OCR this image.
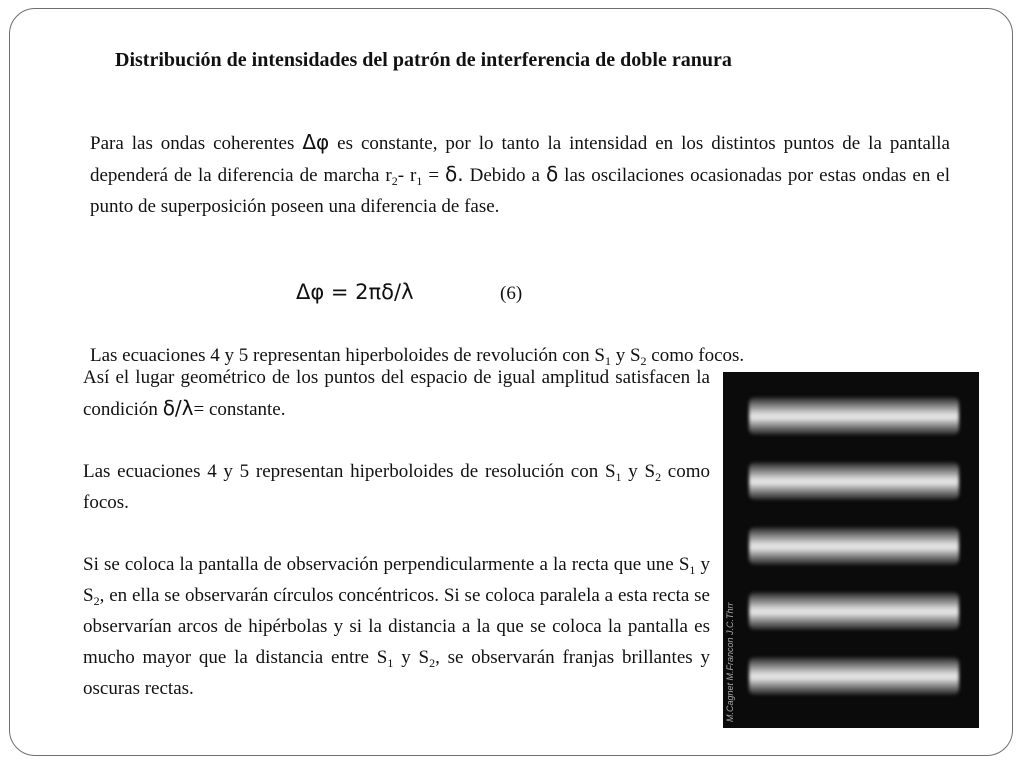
Distribución de intensidades del patrón de interferencia de doble ranura
Para las ondas coherentes Δφ es constante, por lo tanto la intensidad en los distintos puntos de la pantalla dependerá de la diferencia de marcha $r_2-$ $r_1 = \delta$. Debido a δ las oscilaciones ocasionadas por estas ondas en el punto de superposición poseen una diferencia de fase.
Δφ = 2πδ/λ	(6)
Las ecuaciones 4 y 5 representan hiperboloides de revolución con $S_1$ y $S_2$ como focos.

Así el lugar geométrico de los puntos del espacio de igual amplitud satisfacen la condición δ/λ= constante.

Las ecuaciones 4 y 5 representan hiperboloides de resolución con $S_1$ y $S_2$ como focos.

Si se coloca la pantalla de observación perpendicularmente a la recta que une $S_1$ y $S_2$, en ella se observarán círculos concéntricos. Si se coloca paralela a esta recta se observarían arcos de hipérbolas y si la distancia a la que se coloca la pantalla es mucho mayor que la distancia entre $S_1$ y $S_2$, se observarán franjas brillantes y oscuras rectas.	M.Cagnet M.Francon J.C.Thrr
